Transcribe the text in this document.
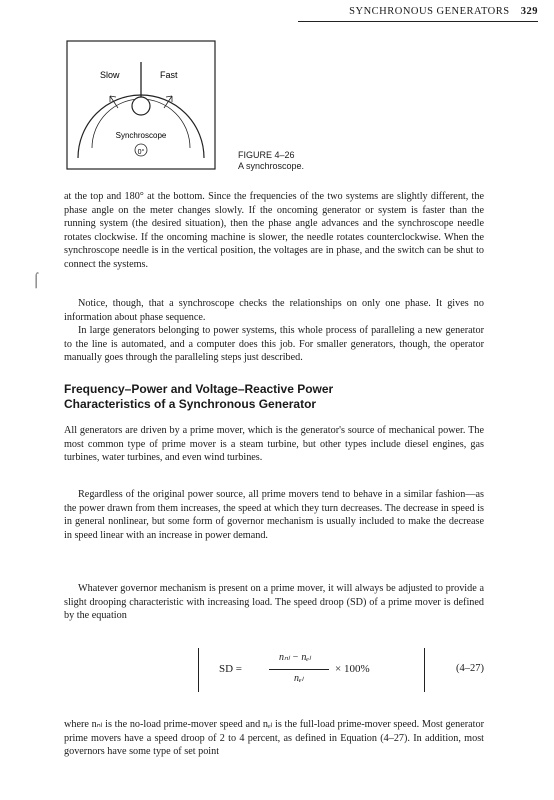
SYNCHRONOUS GENERATORS 329
Slow	Fast
Synchroscope
0°	FIGURE 4–26
A synchroscope.
⌠
at the top and 180° at the bottom. Since the frequencies of the two systems are slightly different, the phase angle on the meter changes slowly. If the oncoming generator or system is faster than the running system (the desired situation), then the phase angle advances and the synchroscope needle rotates clockwise. If the oncoming machine is slower, the needle rotates counterclockwise. When the synchroscope needle is in the vertical position, the voltages are in phase, and the switch can be shut to connect the systems.
Notice, though, that a synchroscope checks the relationships on only one phase. It gives no information about phase sequence.
In large generators belonging to power systems, this whole process of paralleling a new generator to the line is automated, and a computer does this job. For smaller generators, though, the operator manually goes through the paralleling steps just described.
Frequency–Power and Voltage–Reactive Power
Characteristics of a Synchronous Generator
All generators are driven by a prime mover, which is the generator's source of mechanical power. The most common type of prime mover is a steam turbine, but other types include diesel engines, gas turbines, water turbines, and even wind turbines.
Regardless of the original power source, all prime movers tend to behave in a similar fashion—as the power drawn from them increases, the speed at which they turn decreases. The decrease in speed is in general nonlinear, but some form of governor mechanism is usually included to make the decrease in speed linear with an increase in power demand.
Whatever governor mechanism is present on a prime mover, it will always be adjusted to provide a slight drooping characteristic with increasing load. The speed droop (SD) of a prime mover is defined by the equation
SD =
nₙₗ − nₑₗ
nₑₗ
× 100%	(4–27)
where nₙₗ is the no-load prime-mover speed and nₑₗ is the full-load prime-mover speed. Most generator prime movers have a speed droop of 2 to 4 percent, as defined in Equation (4–27). In addition, most governors have some type of set point
